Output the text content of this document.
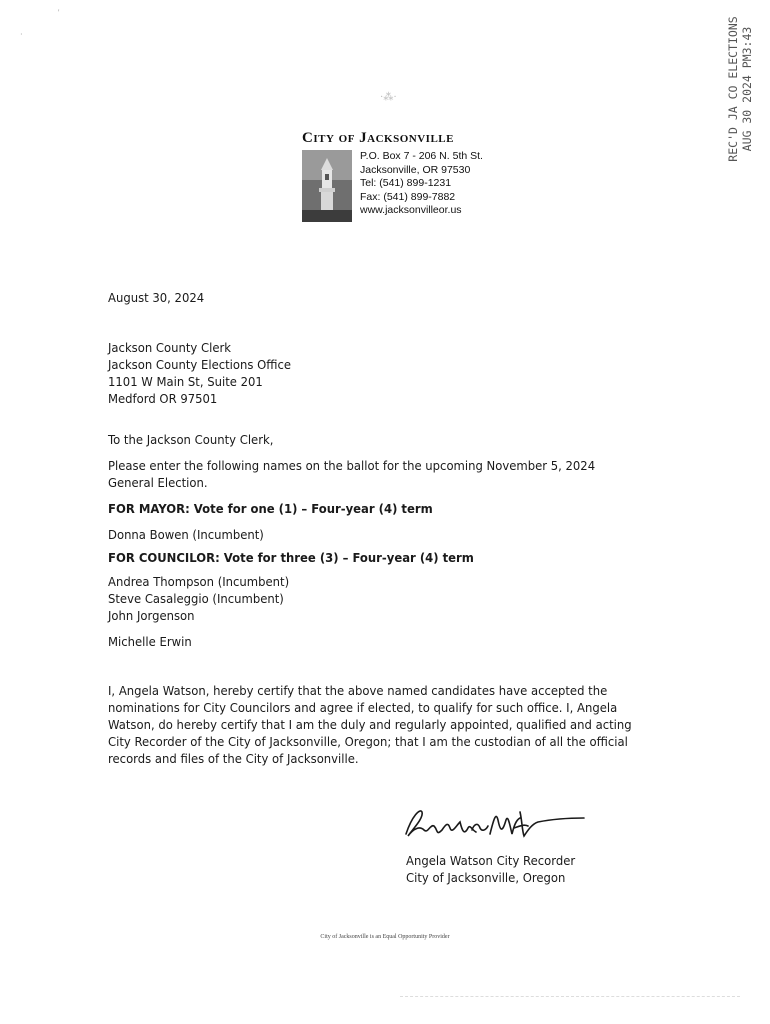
'
·
·⁂·	REC'D JA CO ELECTIONS AUG 30 2024 PM3:43
City of Jacksonville
P.O. Box 7 - 206 N. 5th St.
Jacksonville, OR 97530
Tel: (541) 899-1231
Fax: (541) 899-7882
www.jacksonvilleor.us
August 30, 2024
Jackson County Clerk
Jackson County Elections Office
1101 W Main St, Suite 201
Medford OR 97501
To the Jackson County Clerk,
Please enter the following names on the ballot for the upcoming November 5, 2024
General Election.
FOR MAYOR: Vote for one (1) – Four-year (4) term
Donna Bowen (Incumbent)
FOR COUNCILOR: Vote for three (3) – Four-year (4) term
Andrea Thompson (Incumbent)
Steve Casaleggio (Incumbent)
John Jorgenson
Michelle Erwin
I, Angela Watson, hereby certify that the above named candidates have accepted the
nominations for City Councilors and agree if elected, to qualify for such office. I, Angela
Watson, do hereby certify that I am the duly and regularly appointed, qualified and acting
City Recorder of the City of Jacksonville, Oregon; that I am the custodian of all the official
records and files of the City of Jacksonville.
Angela Watson
Angela Watson City Recorder
City of Jacksonville, Oregon
City of Jacksonville is an Equal Opportunity Provider
